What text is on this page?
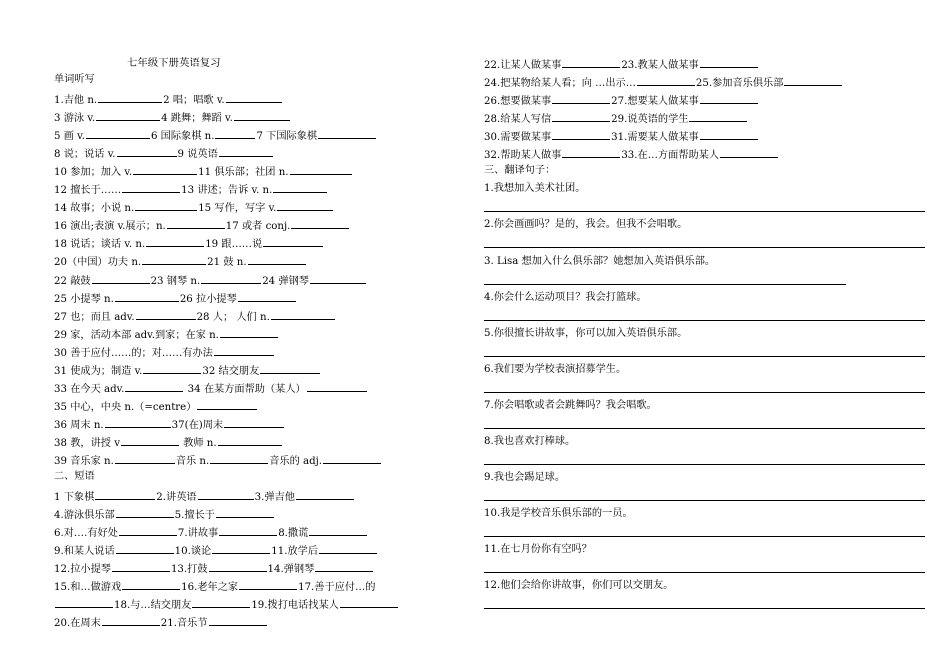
七年级下册英语复习
单词听写
1.吉他 n.	2 唱；唱歌 v.
3 游泳 v.	4 跳舞；舞蹈 v.
5 画 v.	6 国际象棋 n.	7 下国际象棋
8 说；说话 v.	9 说英语
10 参加；加入 v.	11 俱乐部；社团 n.
12 擅长于……	13 讲述；告诉 v. n.
14 故事；小说 n.	15 写作，写字 v.
16 演出;表演 v.展示；n.	17 或者 conj.
18 说话；谈话 v. n.	19 跟……说
20（中国）功夫 n.	21 鼓 n.
22 敲鼓	23 钢琴 n.	24 弹钢琴
25 小提琴 n.	26 拉小提琴
27 也；而且 adv.	28 人； 人们 n.
29 家，活动本部 adv.到家；在家 n.
30 善于应付……的；对……有办法
31 使成为；制造 v.	32 结交朋友
33 在今天 adv.	34 在某方面帮助（某人）
35 中心，中央 n.（=centre）
36 周末 n.	37(在)周末
38 教，讲授 v	教师 n.
39 音乐家 n.	音乐 n.	音乐的 adj.
二、短语
1 下象棋	2.讲英语	3.弹吉他
4.游泳俱乐部	5.擅长于
6.对….有好处	7.讲故事	8.撒谎
9.和某人说话	10.谈论	11.放学后
12.拉小提琴	13.打鼓	14.弹钢琴
15.和…做游戏	16.老年之家	17.善于应付…的
18.与…结交朋友	19.拨打电话找某人
20.在周末	21.音乐节
22.让某人做某事	23.教某人做某事
24.把某物给某人看；向 …出示…	25.参加音乐俱乐部
26.想要做某事	27.想要某人做某事
28.给某人写信	29.说英语的学生
30.需要做某事	31.需要某人做某事
32.帮助某人做事	33.在…方面帮助某人
三、翻译句子：
1.我想加入美术社团。
2.你会画画吗？是的，我会。但我不会唱歌。
3. Lisa 想加入什么俱乐部？她想加入英语俱乐部。
4.你会什么运动项目？我会打篮球。
5.你很擅长讲故事，你可以加入英语俱乐部。
6.我们要为学校表演招募学生。
7.你会唱歌或者会跳舞吗？我会唱歌。
8.我也喜欢打棒球。
9.我也会踢足球。
10.我是学校音乐俱乐部的一员。
11.在七月份你有空吗？
12.他们会给你讲故事，你们可以交朋友。
